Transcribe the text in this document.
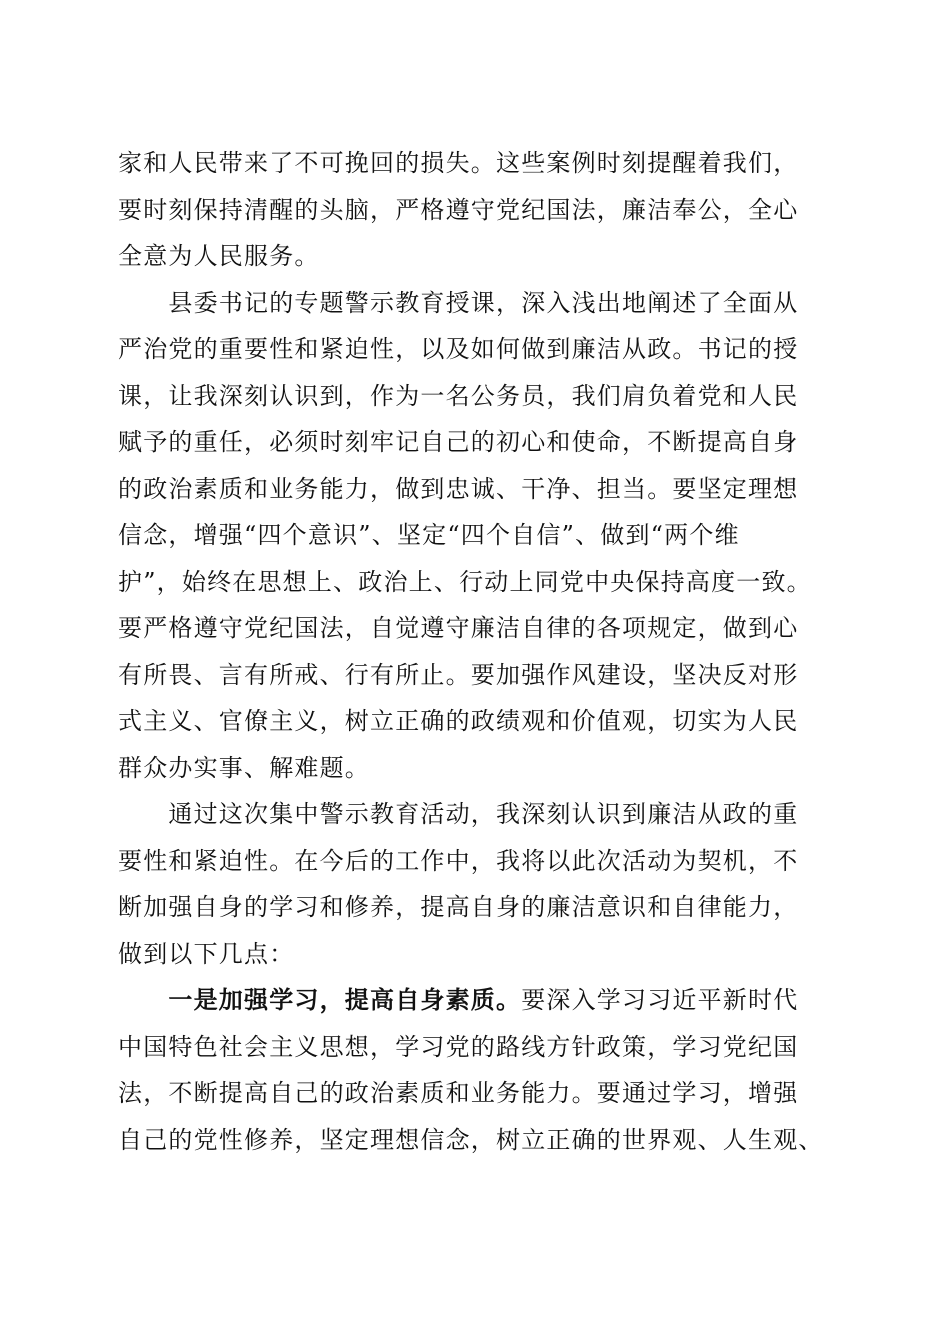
家和人民带来了不可挽回的损失。这些案例时刻提醒着我们，
要时刻保持清醒的头脑，严格遵守党纪国法，廉洁奉公，全心
全意为人民服务。
　　县委书记的专题警示教育授课，深入浅出地阐述了全面从
严治党的重要性和紧迫性，以及如何做到廉洁从政。书记的授
课，让我深刻认识到，作为一名公务员，我们肩负着党和人民
赋予的重任，必须时刻牢记自己的初心和使命，不断提高自身
的政治素质和业务能力，做到忠诚、干净、担当。要坚定理想
信念，增强“四个意识”、坚定“四个自信”、做到“两个维
护”，始终在思想上、政治上、行动上同党中央保持高度一致。
要严格遵守党纪国法，自觉遵守廉洁自律的各项规定，做到心
有所畏、言有所戒、行有所止。要加强作风建设，坚决反对形
式主义、官僚主义，树立正确的政绩观和价值观，切实为人民
群众办实事、解难题。
　　通过这次集中警示教育活动，我深刻认识到廉洁从政的重
要性和紧迫性。在今后的工作中，我将以此次活动为契机，不
断加强自身的学习和修养，提高自身的廉洁意识和自律能力，
做到以下几点：
　　一是加强学习，提高自身素质。要深入学习习近平新时代
中国特色社会主义思想，学习党的路线方针政策，学习党纪国
法，不断提高自己的政治素质和业务能力。要通过学习，增强
自己的党性修养，坚定理想信念，树立正确的世界观、人生观、
